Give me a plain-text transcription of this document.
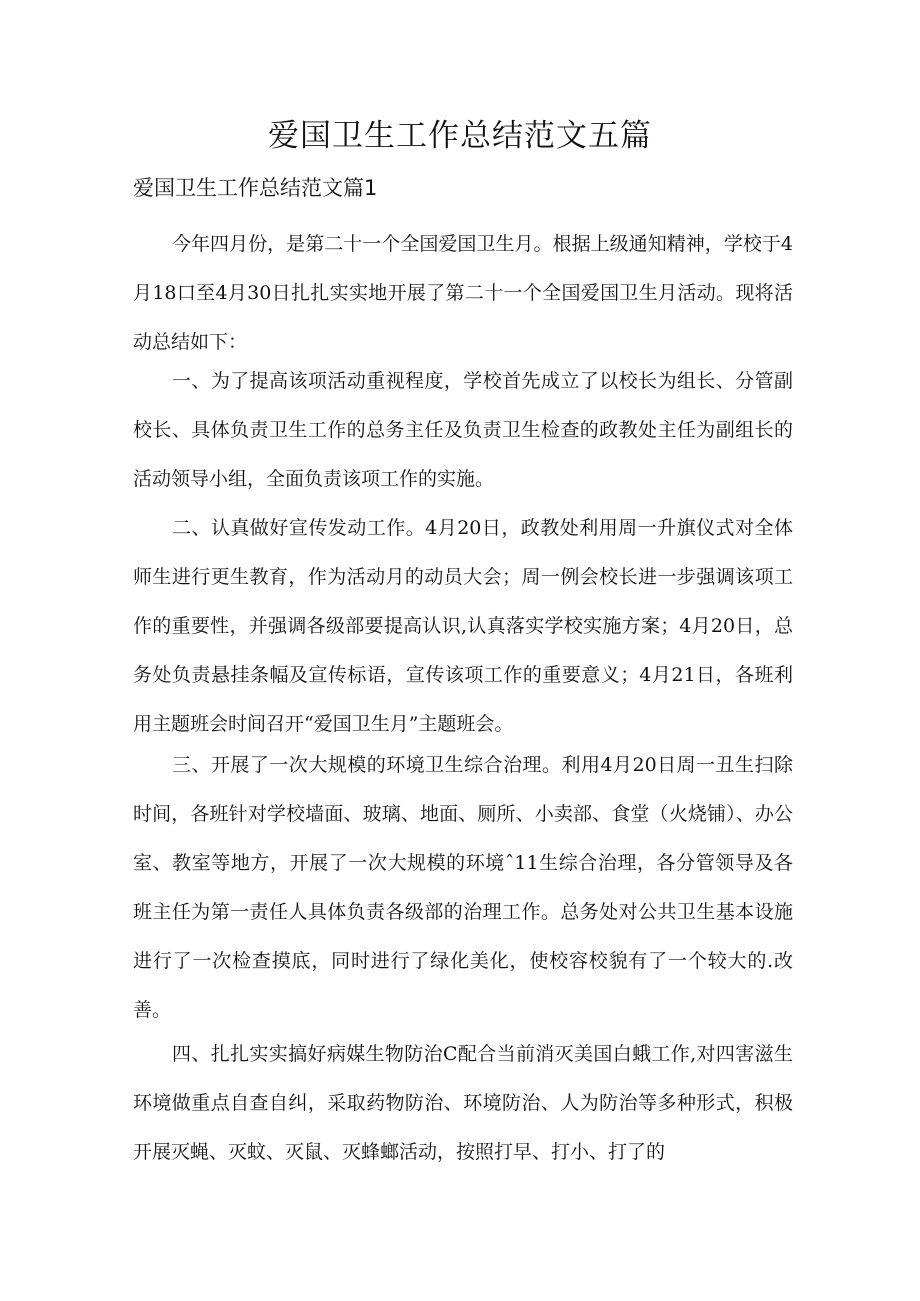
爱国卫生工作总结范文五篇
爱国卫生工作总结范文篇1

今年四月份，是第二十一个全国爱国卫生月。根据上级通知精神，学校于4月18口至4月30日扎扎实实地开展了第二十一个全国爱国卫生月活动。现将活动总结如下：

一、为了提高该项活动重视程度，学校首先成立了以校长为组长、分管副校长、具体负责卫生工作的总务主任及负责卫生检查的政教处主任为副组长的活动领导小组，全面负责该项工作的实施。

二、认真做好宣传发动工作。4月20日，政教处利用周一升旗仪式对全体师生进行更生教育，作为活动月的动员大会；周一例会校长进一步强调该项工作的重要性，并强调各级部要提高认识,认真落实学校实施方案；4月20日，总务处负责悬挂条幅及宣传标语，宣传该项工作的重要意义；4月21日，各班利用主题班会时间召开“爱国卫生月”主题班会。

三、开展了一次大规模的环境卫生综合治理。利用4月20日周一丑生扫除时间，各班针对学校墙面、玻璃、地面、厕所、小卖部、食堂（火烧铺）、办公室、教室等地方，开展了一次大规模的环境ˆ11生综合治理，各分管领导及各班主任为第一责任人具体负责各级部的治理工作。总务处对公共卫生基本设施进行了一次检查摸底，同时进行了绿化美化，使校容校貌有了一个较大的.改善。

四、扎扎实实搞好病媒生物防治C配合当前消灭美国白蛾工作,对四害滋生环境做重点自查自纠，采取药物防治、环境防治、人为防治等多种形式，积极开展灭蝇、灭蚊、灭鼠、灭蜂螂活动，按照打早、打小、打了的
